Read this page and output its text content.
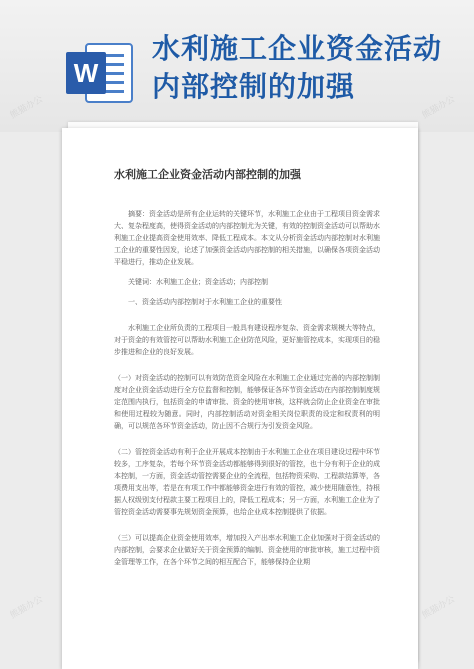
W
水利施工企业资金活动
内部控制的加强
水利施工企业资金活动内部控制的加强

摘要：资金活动是所有企业运转的关键环节，水利施工企业由于工程项目资金需求大、复杂程度高，使得资金活动的内部控制尤为关键，有效的控制资金活动可以帮助水利施工企业提高资金使用效率、降低工程成本。本文从分析资金活动内部控制对水利施工企业的重要性因发，论述了加强资金活动内部控制的相关措施，以确保各项资金活动平稳进行，推动企业发展。

关键词：水利施工企业；资金活动；内部控制

一、资金活动内部控制对于水利施工企业的重要性

水利施工企业所负责的工程项目一般具有建设程序复杂、资金需求规模大等特点，对于资金的有效管控可以帮助水利施工企业防范风险，更好施管控成本，实现项目的稳步推进和企业的良好发展。

（一）对资金活动的控制可以有效防范资金风险在水利施工企业通过完善的内部控制制度对企业资金活动进行全方位监督和控制，能够保证各环节资金活动在内部控制制度规定范围内执行，包括资金的申请审批、资金的使用审核，这样就会防止企业资金在审批和使用过程较为随意。同时，内部控制活动对资金相关岗位职责的设定和权责利的明确，可以规范各环节资金活动，防止因不合规行为引发资金风险。

（二）管控资金活动有利于企业开展成本控制由于水利施工企业在项目建设过程中环节较多，工序复杂，若每个环节资金活动都能够得到很好的管控，也十分有利于企业的成本控制，一方面，资金活动管控需要企业的全流程，包括物资采购、工程款结算等，各项费用支出等，若是在有项工作中都能够资金进行有效的管控，减少使用随意性，持根据人权级别支付程款主要工程项目上的，降低工程成本；另一方面，水利施工企业为了管控资金活动需要事先规划资金预算，也给企业成本控制提供了依据。

（三）可以提高企业资金使用效率，增加投入产出率水利施工企业加强对于资金活动的内部控制，会要求企业做好关于资金预算的编制、资金使用的审批审核，施工过程中资金管理等工作，在各个环节之间的相互配合下，能够保持企业期

熊猫办公	熊猫办公
熊猫办公	熊猫办公
